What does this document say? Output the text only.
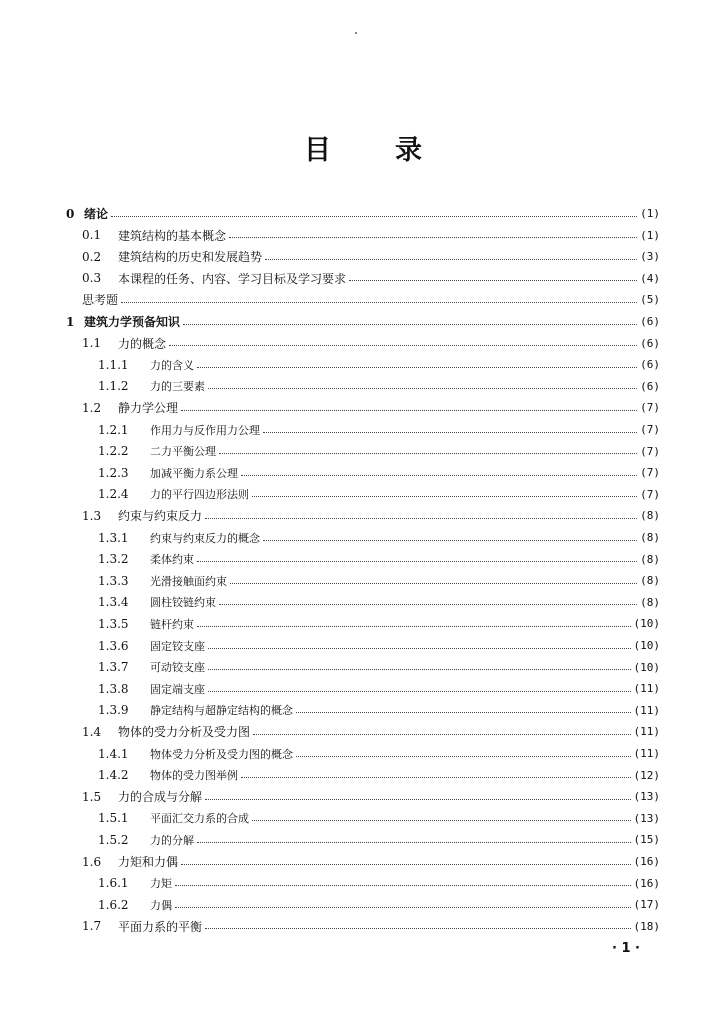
目 录
0 绪论	(1)
0.1	建筑结构的基本概念	(1)
0.2	建筑结构的历史和发展趋势	(3)
0.3	本课程的任务、内容、学习目标及学习要求	(4)
思考题	(5)
1 建筑力学预备知识	(6)
1.1	力的概念	(6)
1.1.1	力的含义	(6)
1.1.2	力的三要素	(6)
1.2	静力学公理	(7)
1.2.1	作用力与反作用力公理	(7)
1.2.2	二力平衡公理	(7)
1.2.3	加减平衡力系公理	(7)
1.2.4	力的平行四边形法则	(7)
1.3	约束与约束反力	(8)
1.3.1	约束与约束反力的概念	(8)
1.3.2	柔体约束	(8)
1.3.3	光滑接触面约束	(8)
1.3.4	圆柱铰链约束	(8)
1.3.5	链杆约束	(10)
1.3.6	固定铰支座	(10)
1.3.7	可动铰支座	(10)
1.3.8	固定端支座	(11)
1.3.9	静定结构与超静定结构的概念	(11)
1.4	物体的受力分析及受力图	(11)
1.4.1	物体受力分析及受力图的概念	(11)
1.4.2	物体的受力图举例	(12)
1.5	力的合成与分解	(13)
1.5.1	平面汇交力系的合成	(13)
1.5.2	力的分解	(15)
1.6	力矩和力偶	(16)
1.6.1	力矩	(16)
1.6.2	力偶	(17)
1.7	平面力系的平衡	(18)
· 1 ·
